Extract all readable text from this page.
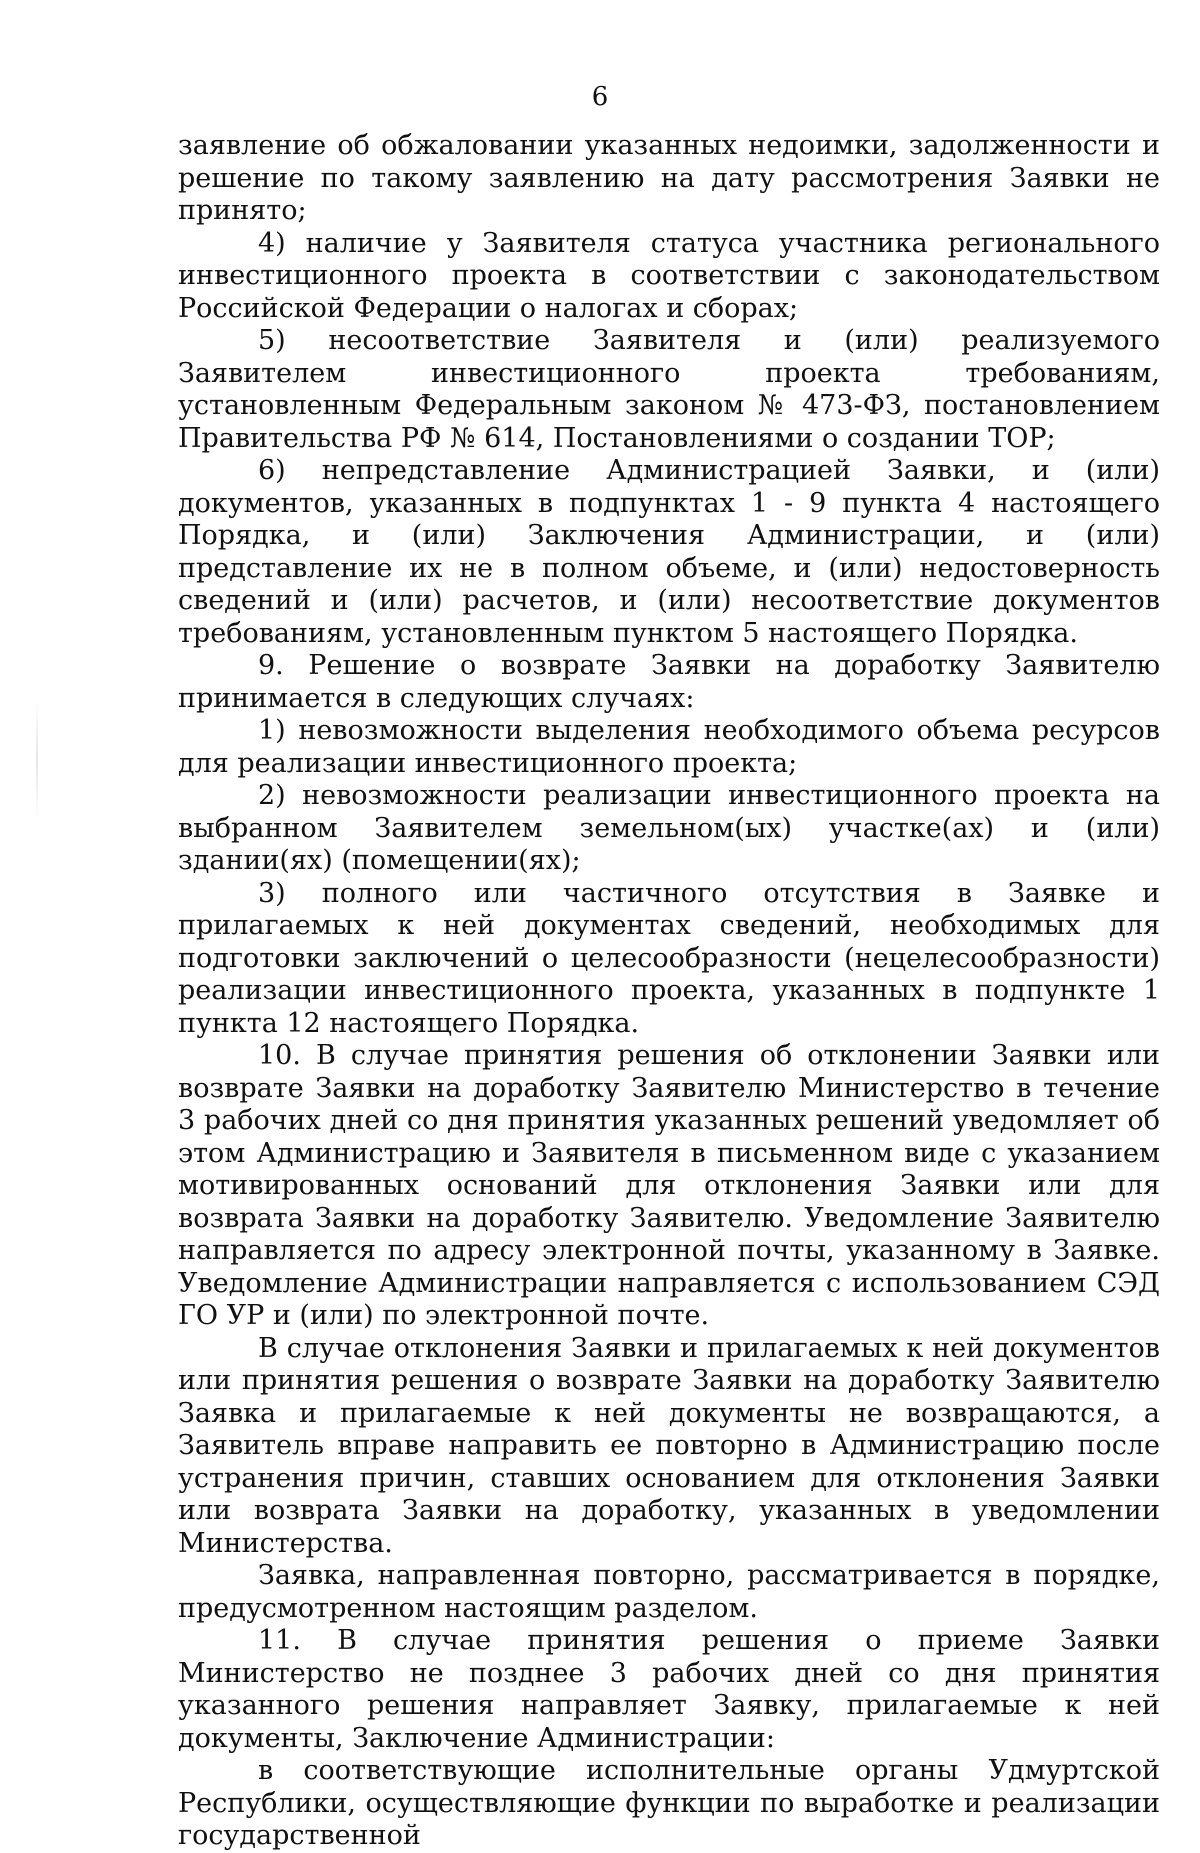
6

заявление об обжаловании указанных недоимки, задолженности и решение по такому заявлению на дату рассмотрения Заявки не принято;

4) наличие у Заявителя статуса участника регионального инвестиционного проекта в соответствии с законодательством Российской Федерации о налогах и сборах;

5) несоответствие Заявителя и (или) реализуемого Заявителем инвестиционного проекта требованиям, установленным Федеральным законом № 473-ФЗ, постановлением Правительства РФ № 614, Постановлениями о создании ТОР;

6) непредставление Администрацией Заявки, и (или) документов, указанных в подпунктах 1 - 9 пункта 4 настоящего Порядка, и (или) Заключения Администрации, и (или) представление их не в полном объеме, и (или) недостоверность сведений и (или) расчетов, и (или) несоответствие документов требованиям, установленным пунктом 5 настоящего Порядка.

9. Решение о возврате Заявки на доработку Заявителю принимается в следующих случаях:

1) невозможности выделения необходимого объема ресурсов для реализации инвестиционного проекта;

2) невозможности реализации инвестиционного проекта на выбранном Заявителем земельном(ых) участке(ах) и (или) здании(ях) (помещении(ях);

3) полного или частичного отсутствия в Заявке и прилагаемых к ней документах сведений, необходимых для подготовки заключений о целесообразности (нецелесообразности) реализации инвестиционного проекта, указанных в подпункте 1 пункта 12 настоящего Порядка.

10. В случае принятия решения об отклонении Заявки или возврате Заявки на доработку Заявителю Министерство в течение 3 рабочих дней со дня принятия указанных решений уведомляет об этом Администрацию и Заявителя в письменном виде с указанием мотивированных оснований для отклонения Заявки или для возврата Заявки на доработку Заявителю. Уведомление Заявителю направляется по адресу электронной почты, указанному в Заявке. Уведомление Администрации направляется с использованием СЭД ГО УР и (или) по электронной почте.

В случае отклонения Заявки и прилагаемых к ней документов или принятия решения о возврате Заявки на доработку Заявителю Заявка и прилагаемые к ней документы не возвращаются, а Заявитель вправе направить ее повторно в Администрацию после устранения причин, ставших основанием для отклонения Заявки или возврата Заявки на доработку, указанных в уведомлении Министерства.

Заявка, направленная повторно, рассматривается в порядке, предусмотренном настоящим разделом.

11. В случае принятия решения о приеме Заявки Министерство не позднее 3 рабочих дней со дня принятия указанного решения направляет Заявку, прилагаемые к ней документы, Заключение Администрации:

в соответствующие исполнительные органы Удмуртской Республики, осуществляющие функции по выработке и реализации государственной
